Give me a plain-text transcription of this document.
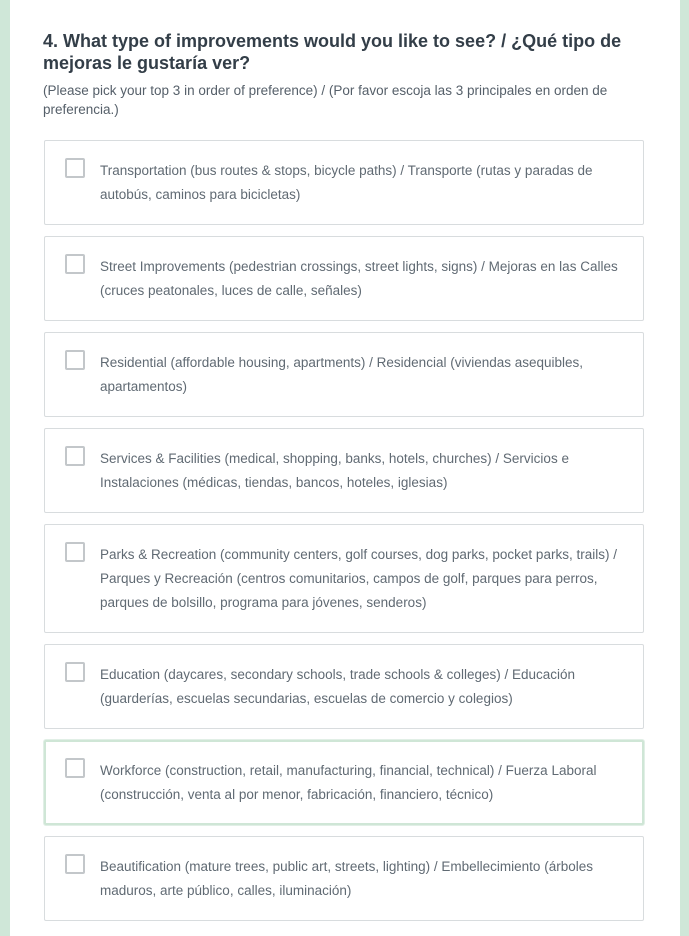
4. What type of improvements would you like to see? / ¿Qué tipo de mejoras le gustaría ver?

(Please pick your top 3 in order of preference) / (Por favor escoja las 3 principales en orden de preferencia.)

Transportation (bus routes & stops, bicycle paths) / Transporte (rutas y paradas de autobús, caminos para bicicletas)
Street Improvements (pedestrian crossings, street lights, signs) / Mejoras en las Calles (cruces peatonales, luces de calle, señales)
Residential (affordable housing, apartments) / Residencial (viviendas asequibles, apartamentos)
Services & Facilities (medical, shopping, banks, hotels, churches) / Servicios e Instalaciones (médicas, tiendas, bancos, hoteles, iglesias)
Parks & Recreation (community centers, golf courses, dog parks, pocket parks, trails) / Parques y Recreación (centros comunitarios, campos de golf, parques para perros, parques de bolsillo, programa para jóvenes, senderos)
Education (daycares, secondary schools, trade schools & colleges) / Educación (guarderías, escuelas secundarias, escuelas de comercio y colegios)
Workforce (construction, retail, manufacturing, financial, technical) / Fuerza Laboral (construcción, venta al por menor, fabricación, financiero, técnico)
Beautification (mature trees, public art, streets, lighting) / Embellecimiento (árboles maduros, arte público, calles, iluminación)
